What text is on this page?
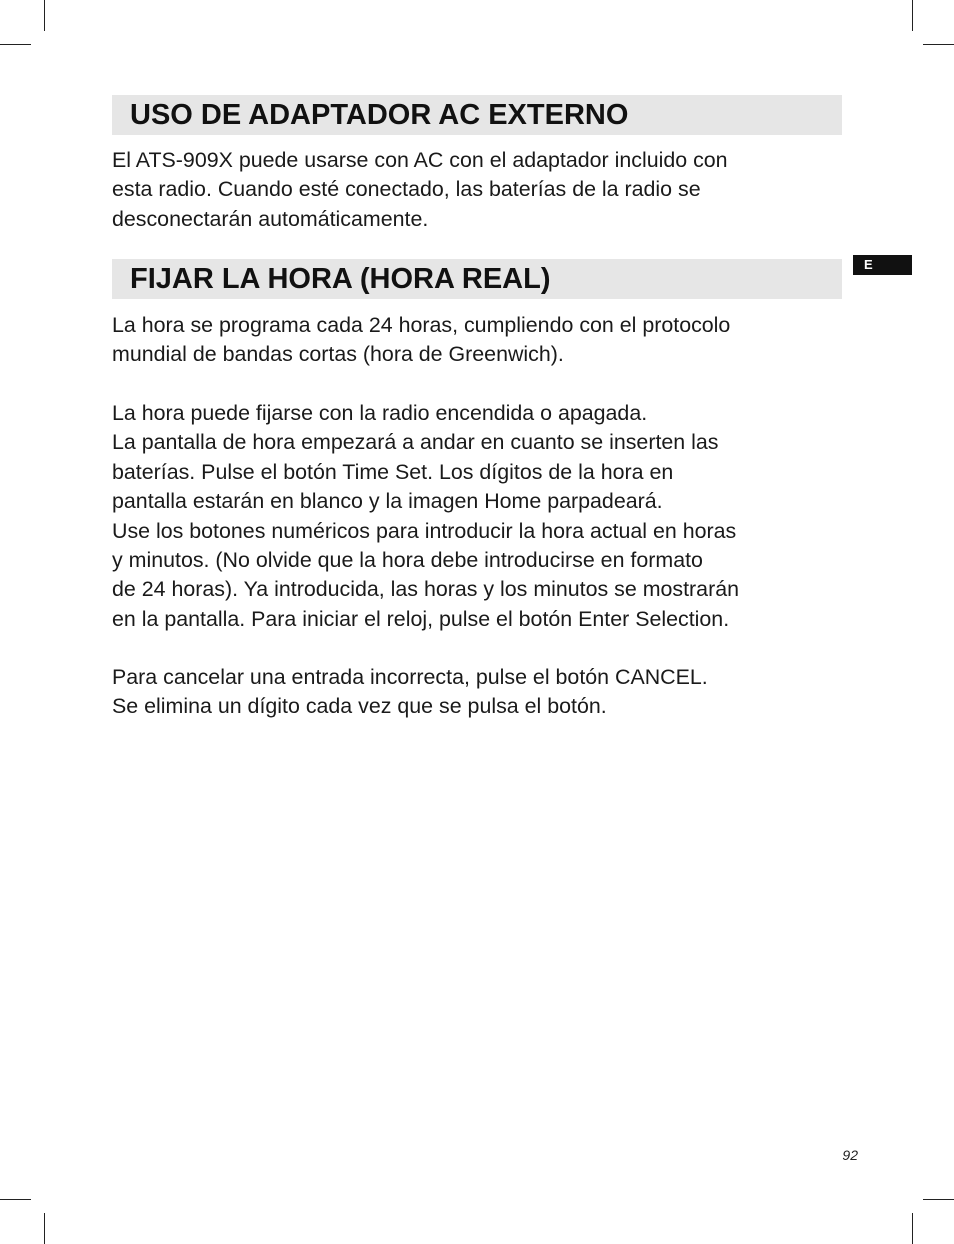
USO DE ADAPTADOR AC EXTERNO

El ATS-909X puede usarse con AC con el adaptador incluido con
esta radio. Cuando esté conectado, las baterías de la radio se
desconectarán automáticamente.

FIJAR LA HORA (HORA REAL)

La hora se programa cada 24 horas, cumpliendo con el protocolo
mundial de bandas cortas (hora de Greenwich).

La hora puede fijarse con la radio encendida o apagada.
La pantalla de hora empezará a andar en cuanto se inserten las
baterías. Pulse el botón Time Set. Los dígitos de la hora en
pantalla estarán en blanco y la imagen Home parpadeará.
Use los botones numéricos para introducir la hora actual en horas
y minutos. (No olvide que la hora debe introducirse en formato
de 24 horas). Ya introducida, las horas y los minutos se mostrarán
en la pantalla. Para iniciar el reloj, pulse el botón Enter Selection.

Para cancelar una entrada incorrecta, pulse el botón CANCEL.
Se elimina un dígito cada vez que se pulsa el botón.

E
92
